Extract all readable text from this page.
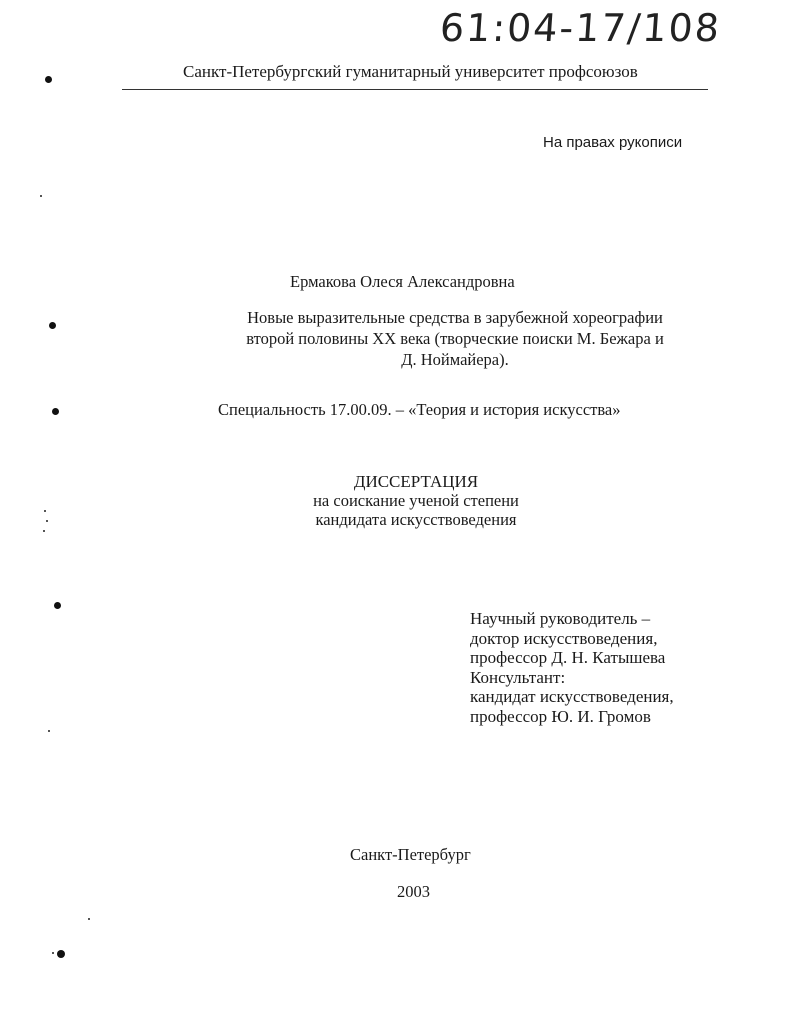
61:04-17/108
Санкт-Петербургский гуманитарный университет профсоюзов
На правах рукописи
Ермакова Олеся Александровна
Новые выразительные средства в зарубежной хореографии
второй половины XX века (творческие поиски М. Бежара и
Д. Ноймайера).
Специальность 17.00.09. – «Теория и история искусства»
ДИССЕРТАЦИЯ
на соискание ученой степени
кандидата искусствоведения
Научный руководитель –
доктор искусствоведения,
профессор Д. Н. Катышева
Консультант:
кандидат искусствоведения,
профессор Ю. И. Громов
Санкт-Петербург
2003
